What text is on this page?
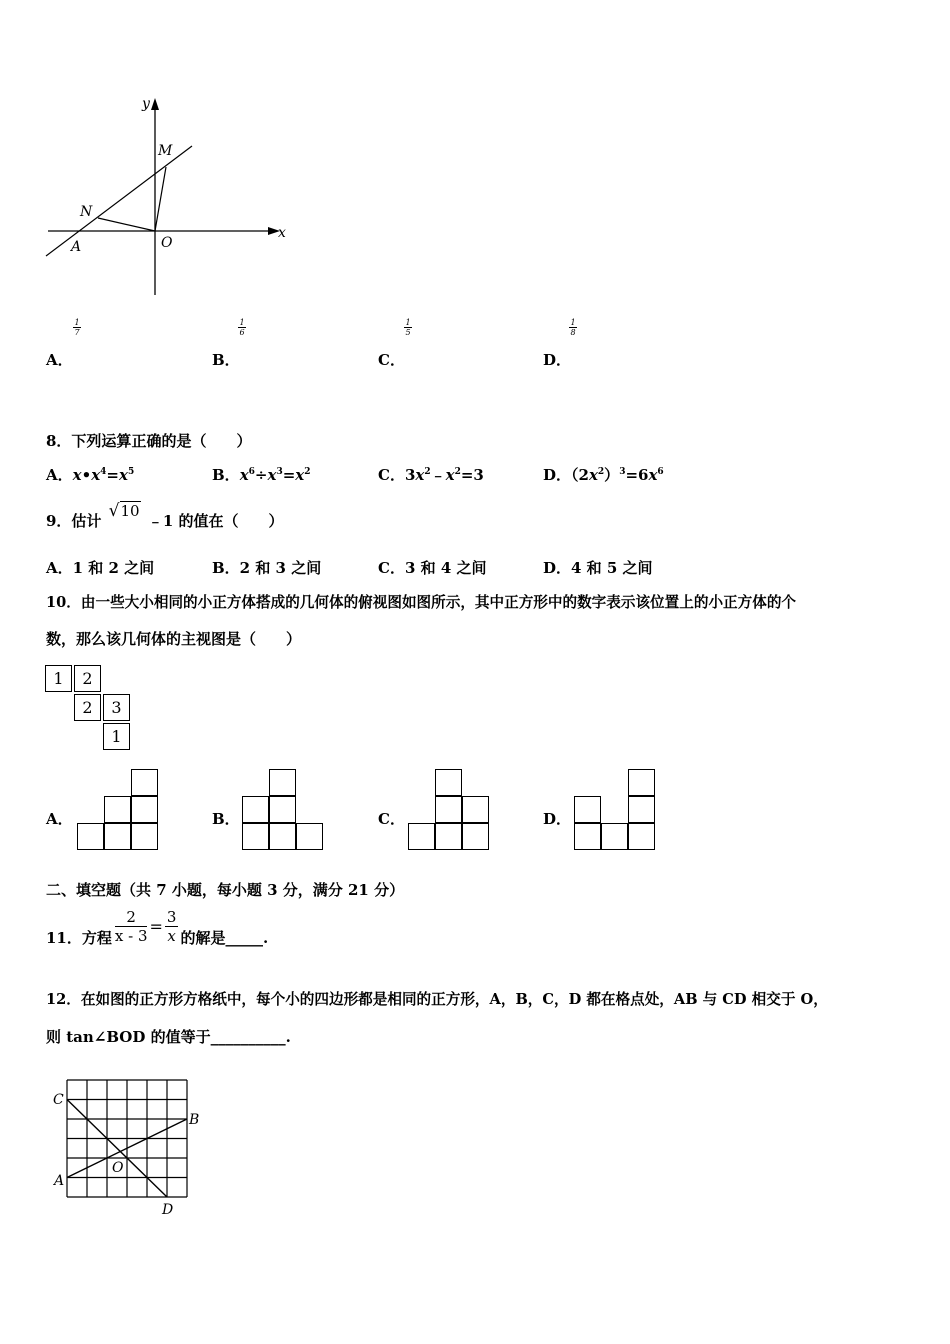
y
x
M
N
A	O
A．
$\frac{1}{7}$
B．
$\frac{1}{6}$
C．
$\frac{1}{5}$
D．
$\frac{1}{8}$
8．下列运算正确的是（　　）
A．$x•x^4=x^5$	B．$x^6\div x^3=x^2$	C．$3x^2﹣x^2=3$	D．$(2x^2)^3=6x^6$
9．估计 √10 ﹣1 的值在（　　）
A．1 和 2 之间	B．2 和 3 之间	C．3 和 4 之间	D．4 和 5 之间
10．由一些大小相同的小正方体搭成的几何体的俯视图如图所示，其中正方形中的数字表示该位置上的小正方体的个
数，那么该几何体的主视图是（　　）
1	2
2	3
1
A．	B．	C．	D．
二、填空题（共 7 小题，每小题 3 分，满分 21 分）
11．方程 $\frac{2}{x - 3} = \frac{3}{x}$ 的解是_____.
12．在如图的正方形方格纸中，每个小的四边形都是相同的正方形，A，B，C，D 都在格点处，AB 与 CD 相交于 O，
则 tan∠BOD 的值等于__________.
C
B
A
O
D
